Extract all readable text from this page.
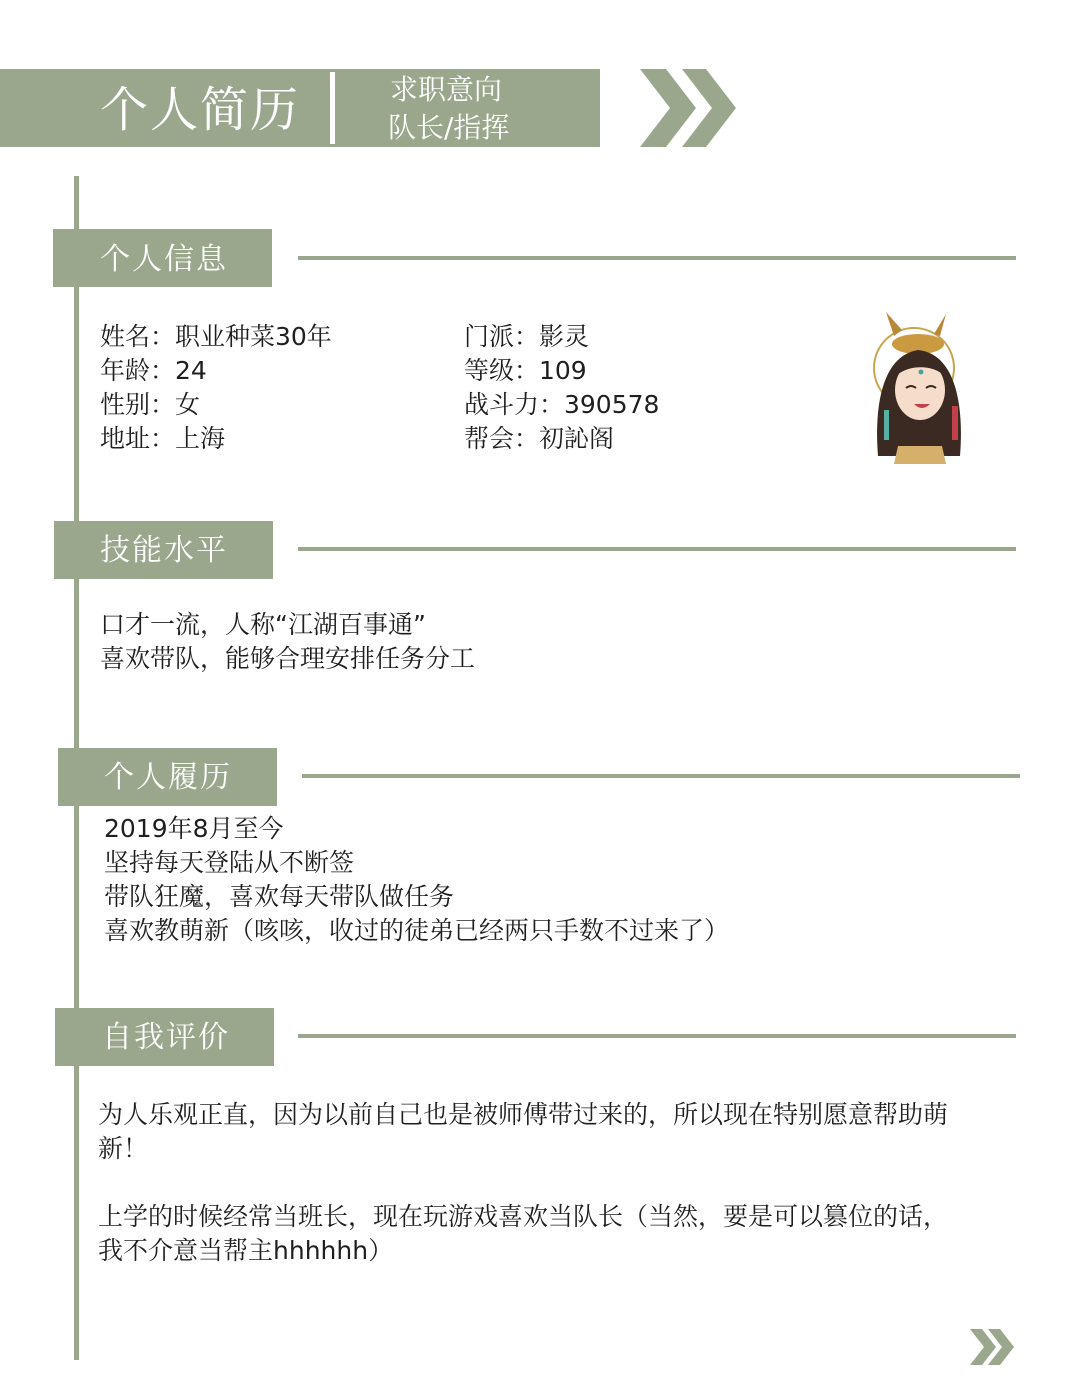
个人简历	求职意向
队长/指挥
个人信息
姓名：职业种菜30年
年龄：24
性别：女
地址：上海
门派：影灵
等级：109
战斗力：390578
帮会：初訫阁
技能水平
口才一流，人称“江湖百事通”
喜欢带队，能够合理安排任务分工
个人履历
2019年8月至今
坚持每天登陆从不断签
带队狂魔，喜欢每天带队做任务
喜欢教萌新（咳咳，收过的徒弟已经两只手数不过来了）
自我评价
为人乐观正直，因为以前自己也是被师傅带过来的，所以现在特别愿意帮助萌
新！
上学的时候经常当班长，现在玩游戏喜欢当队长（当然，要是可以篡位的话，
我不介意当帮主hhhhhh）
